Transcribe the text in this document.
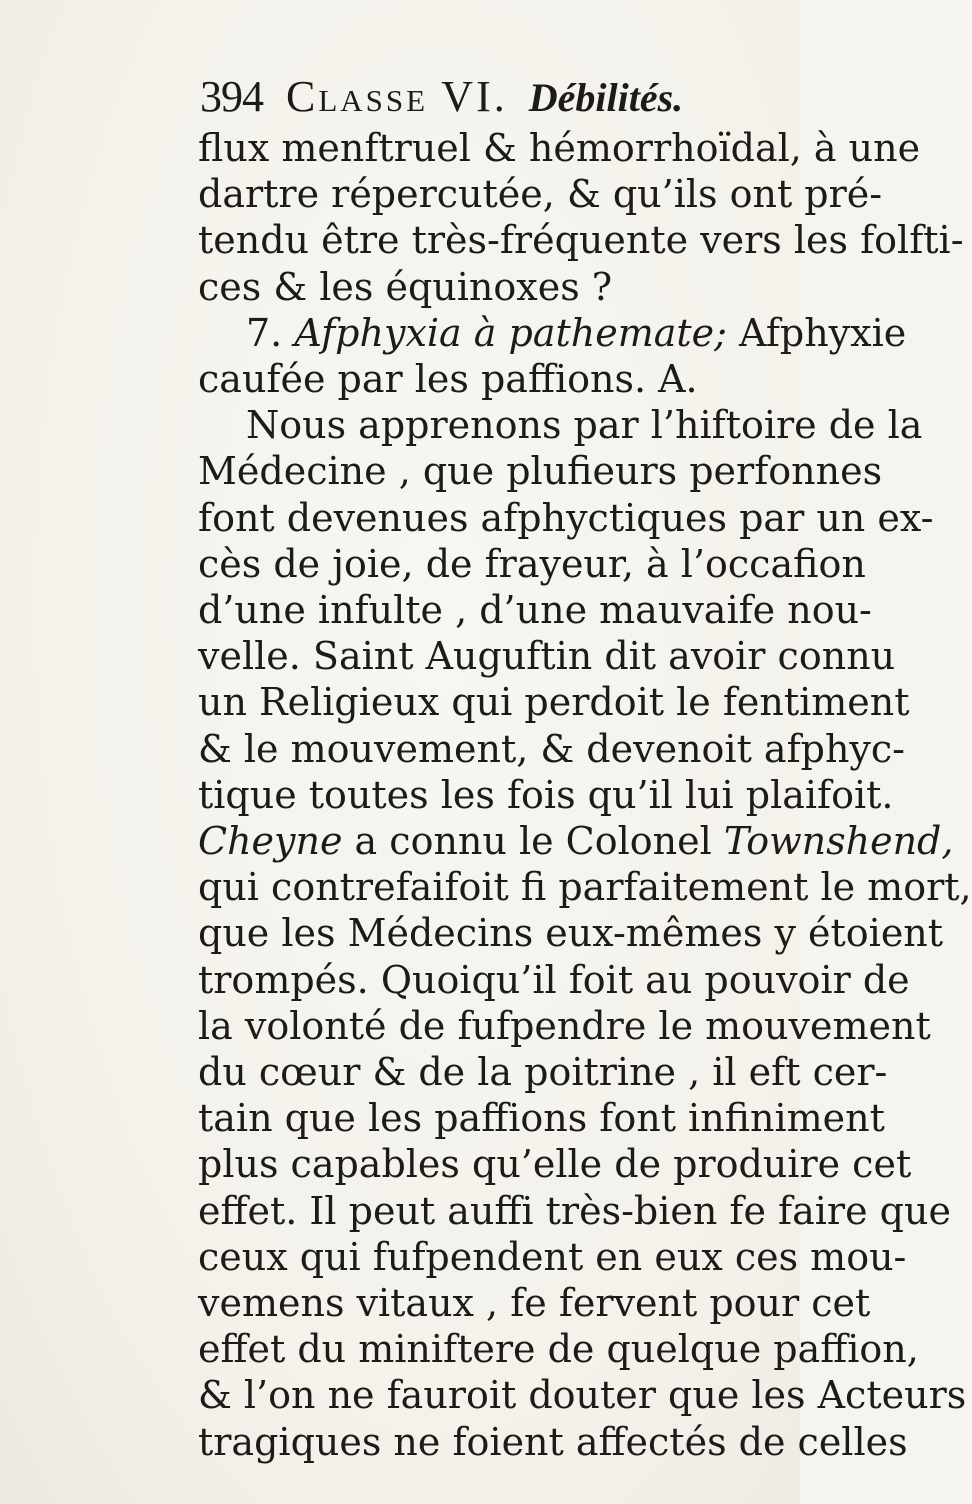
394 Classe VI. Débilités.
flux menftruel & hémorrhoïdal, à une
dartre répercutée, & qu’ils ont pré-
tendu être très-fréquente vers les folfti-
ces & les équinoxes ?
7. Afphyxia à pathemate; Afphyxie
caufée par les paffions. A.
Nous apprenons par l’hiftoire de la
Médecine , que plufieurs perfonnes
font devenues afphyctiques par un ex-
cès de joie, de frayeur, à l’occafion
d’une infulte , d’une mauvaife nou-
velle. Saint Auguftin dit avoir connu
un Religieux qui perdoit le fentiment
& le mouvement, & devenoit afphyc-
tique toutes les fois qu’il lui plaifoit.
Cheyne a connu le Colonel Townshend,
qui contrefaifoit fi parfaitement le mort,
que les Médecins eux-mêmes y étoient
trompés. Quoiqu’il foit au pouvoir de
la volonté de fufpendre le mouvement
du cœur & de la poitrine , il eft cer-
tain que les paffions font infiniment
plus capables qu’elle de produire cet
effet. Il peut auffi très-bien fe faire que
ceux qui fufpendent en eux ces mou-
vemens vitaux , fe fervent pour cet
effet du miniftere de quelque paffion,
& l’on ne fauroit douter que les Acteurs
tragiques ne foient affectés de celles
